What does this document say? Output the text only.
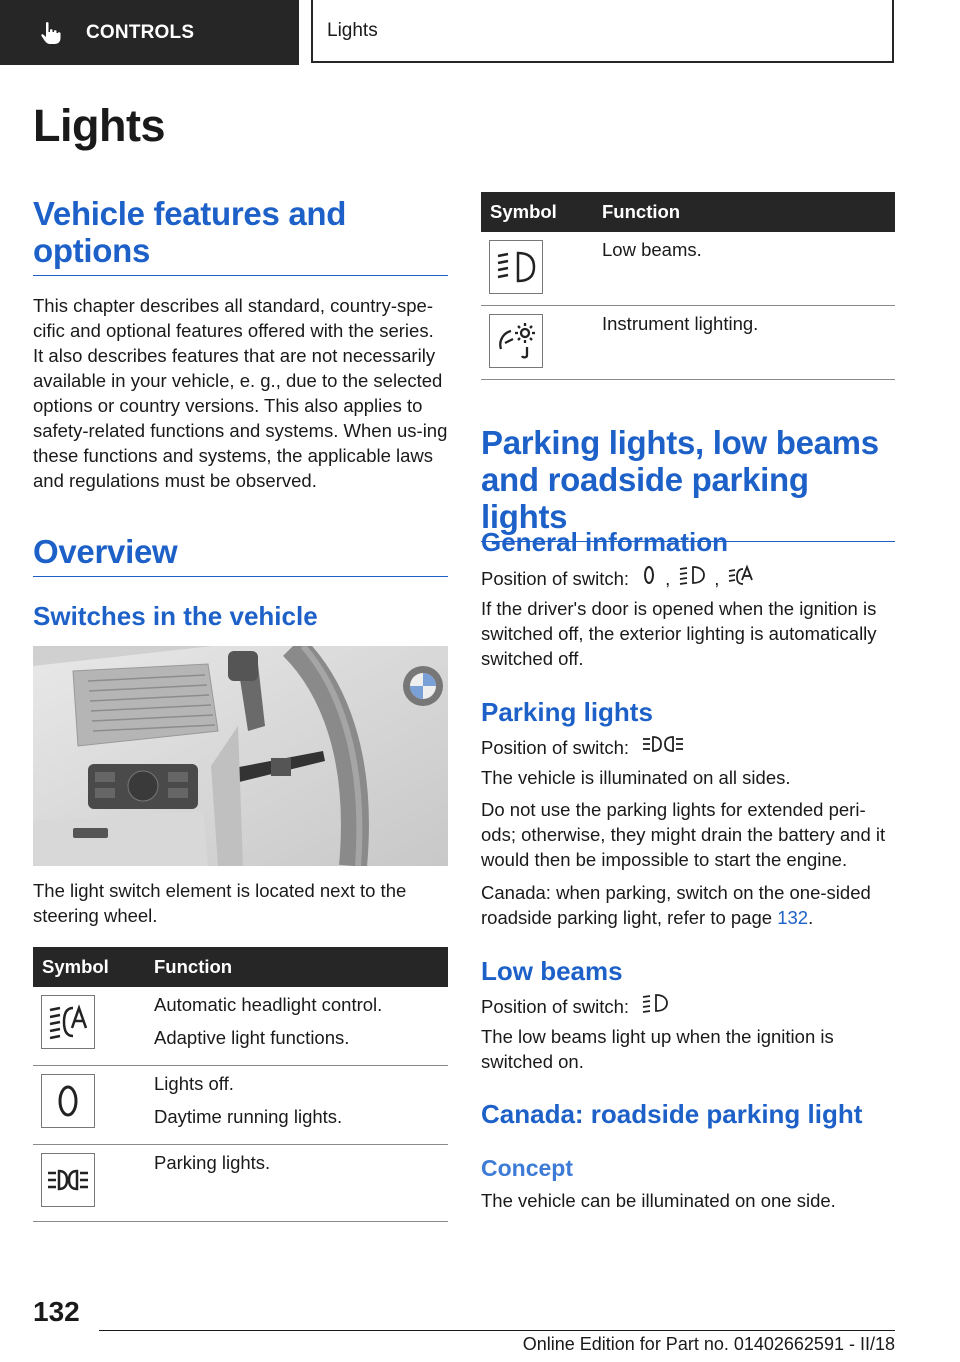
CONTROLS	Lights
Lights
Vehicle features and options

This chapter describes all standard, country-spe-cific and optional features offered with the series. It also describes features that are not necessarily available in your vehicle, e. g., due to the selected options or country versions. This also applies to safety-related functions and systems. When us-ing these functions and systems, the applicable laws and regulations must be observed.

Overview
Switches in the vehicle

The light switch element is located next to the steering wheel.

Symbol	Function

Automatic headlight control.
Adaptive light functions.

Lights off.
Daytime running lights.

Parking lights.
Symbol	Function

Low beams.

Instrument lighting.
Parking lights, low beams and roadside parking lights
General information
Position of switch: , ,

If the driver's door is opened when the ignition is switched off, the exterior lighting is automatically switched off.

Parking lights
Position of switch:

The vehicle is illuminated on all sides.

Do not use the parking lights for extended peri-ods; otherwise, they might drain the battery and it would then be impossible to start the engine.

Canada: when parking, switch on the one-sided roadside parking light, refer to page 132.

Low beams
Position of switch:

The low beams light up when the ignition is switched on.

Canada: roadside parking light
Concept

The vehicle can be illuminated on one side.

132
Online Edition for Part no. 01402662591 - II/18
